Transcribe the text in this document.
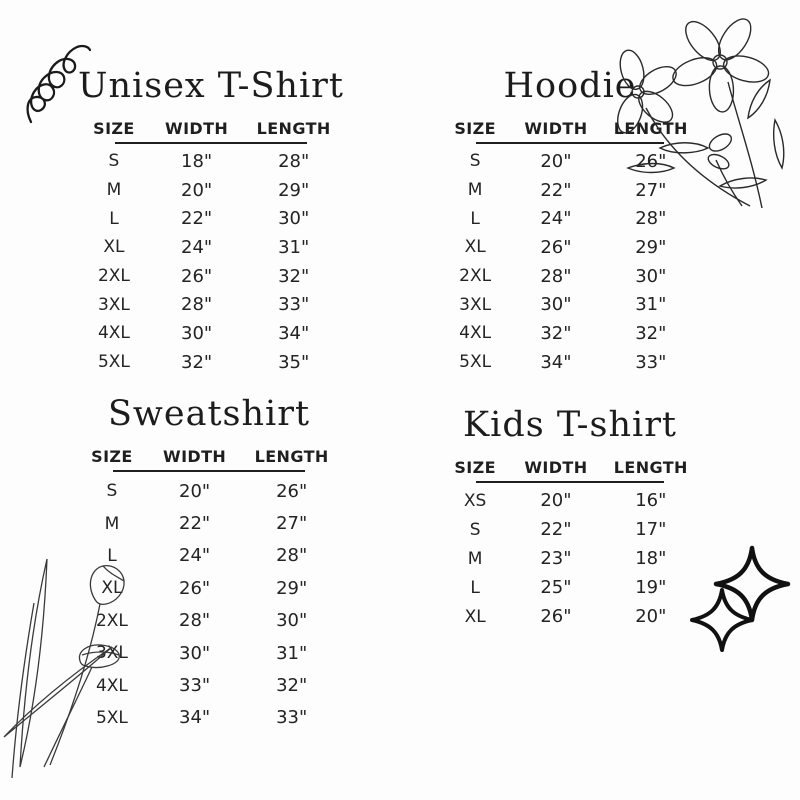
Unisex T-Shirt
SIZE	WIDTH	LENGTH
S	18"	28"
M	20"	29"
L	22"	30"
XL	24"	31"
2XL	26"	32"
3XL	28"	33"
4XL	30"	34"
5XL	32"	35"
Hoodie
SIZE	WIDTH	LENGTH
S	20"	26"
M	22"	27"
L	24"	28"
XL	26"	29"
2XL	28"	30"
3XL	30"	31"
4XL	32"	32"
5XL	34"	33"
Sweatshirt
SIZE	WIDTH	LENGTH
S	20"	26"
M	22"	27"
L	24"	28"
XL	26"	29"
2XL	28"	30"
3XL	30"	31"
4XL	33"	32"
5XL	34"	33"
Kids T-shirt
SIZE	WIDTH	LENGTH
XS	20"	16"
S	22"	17"
M	23"	18"
L	25"	19"
XL	26"	20"
